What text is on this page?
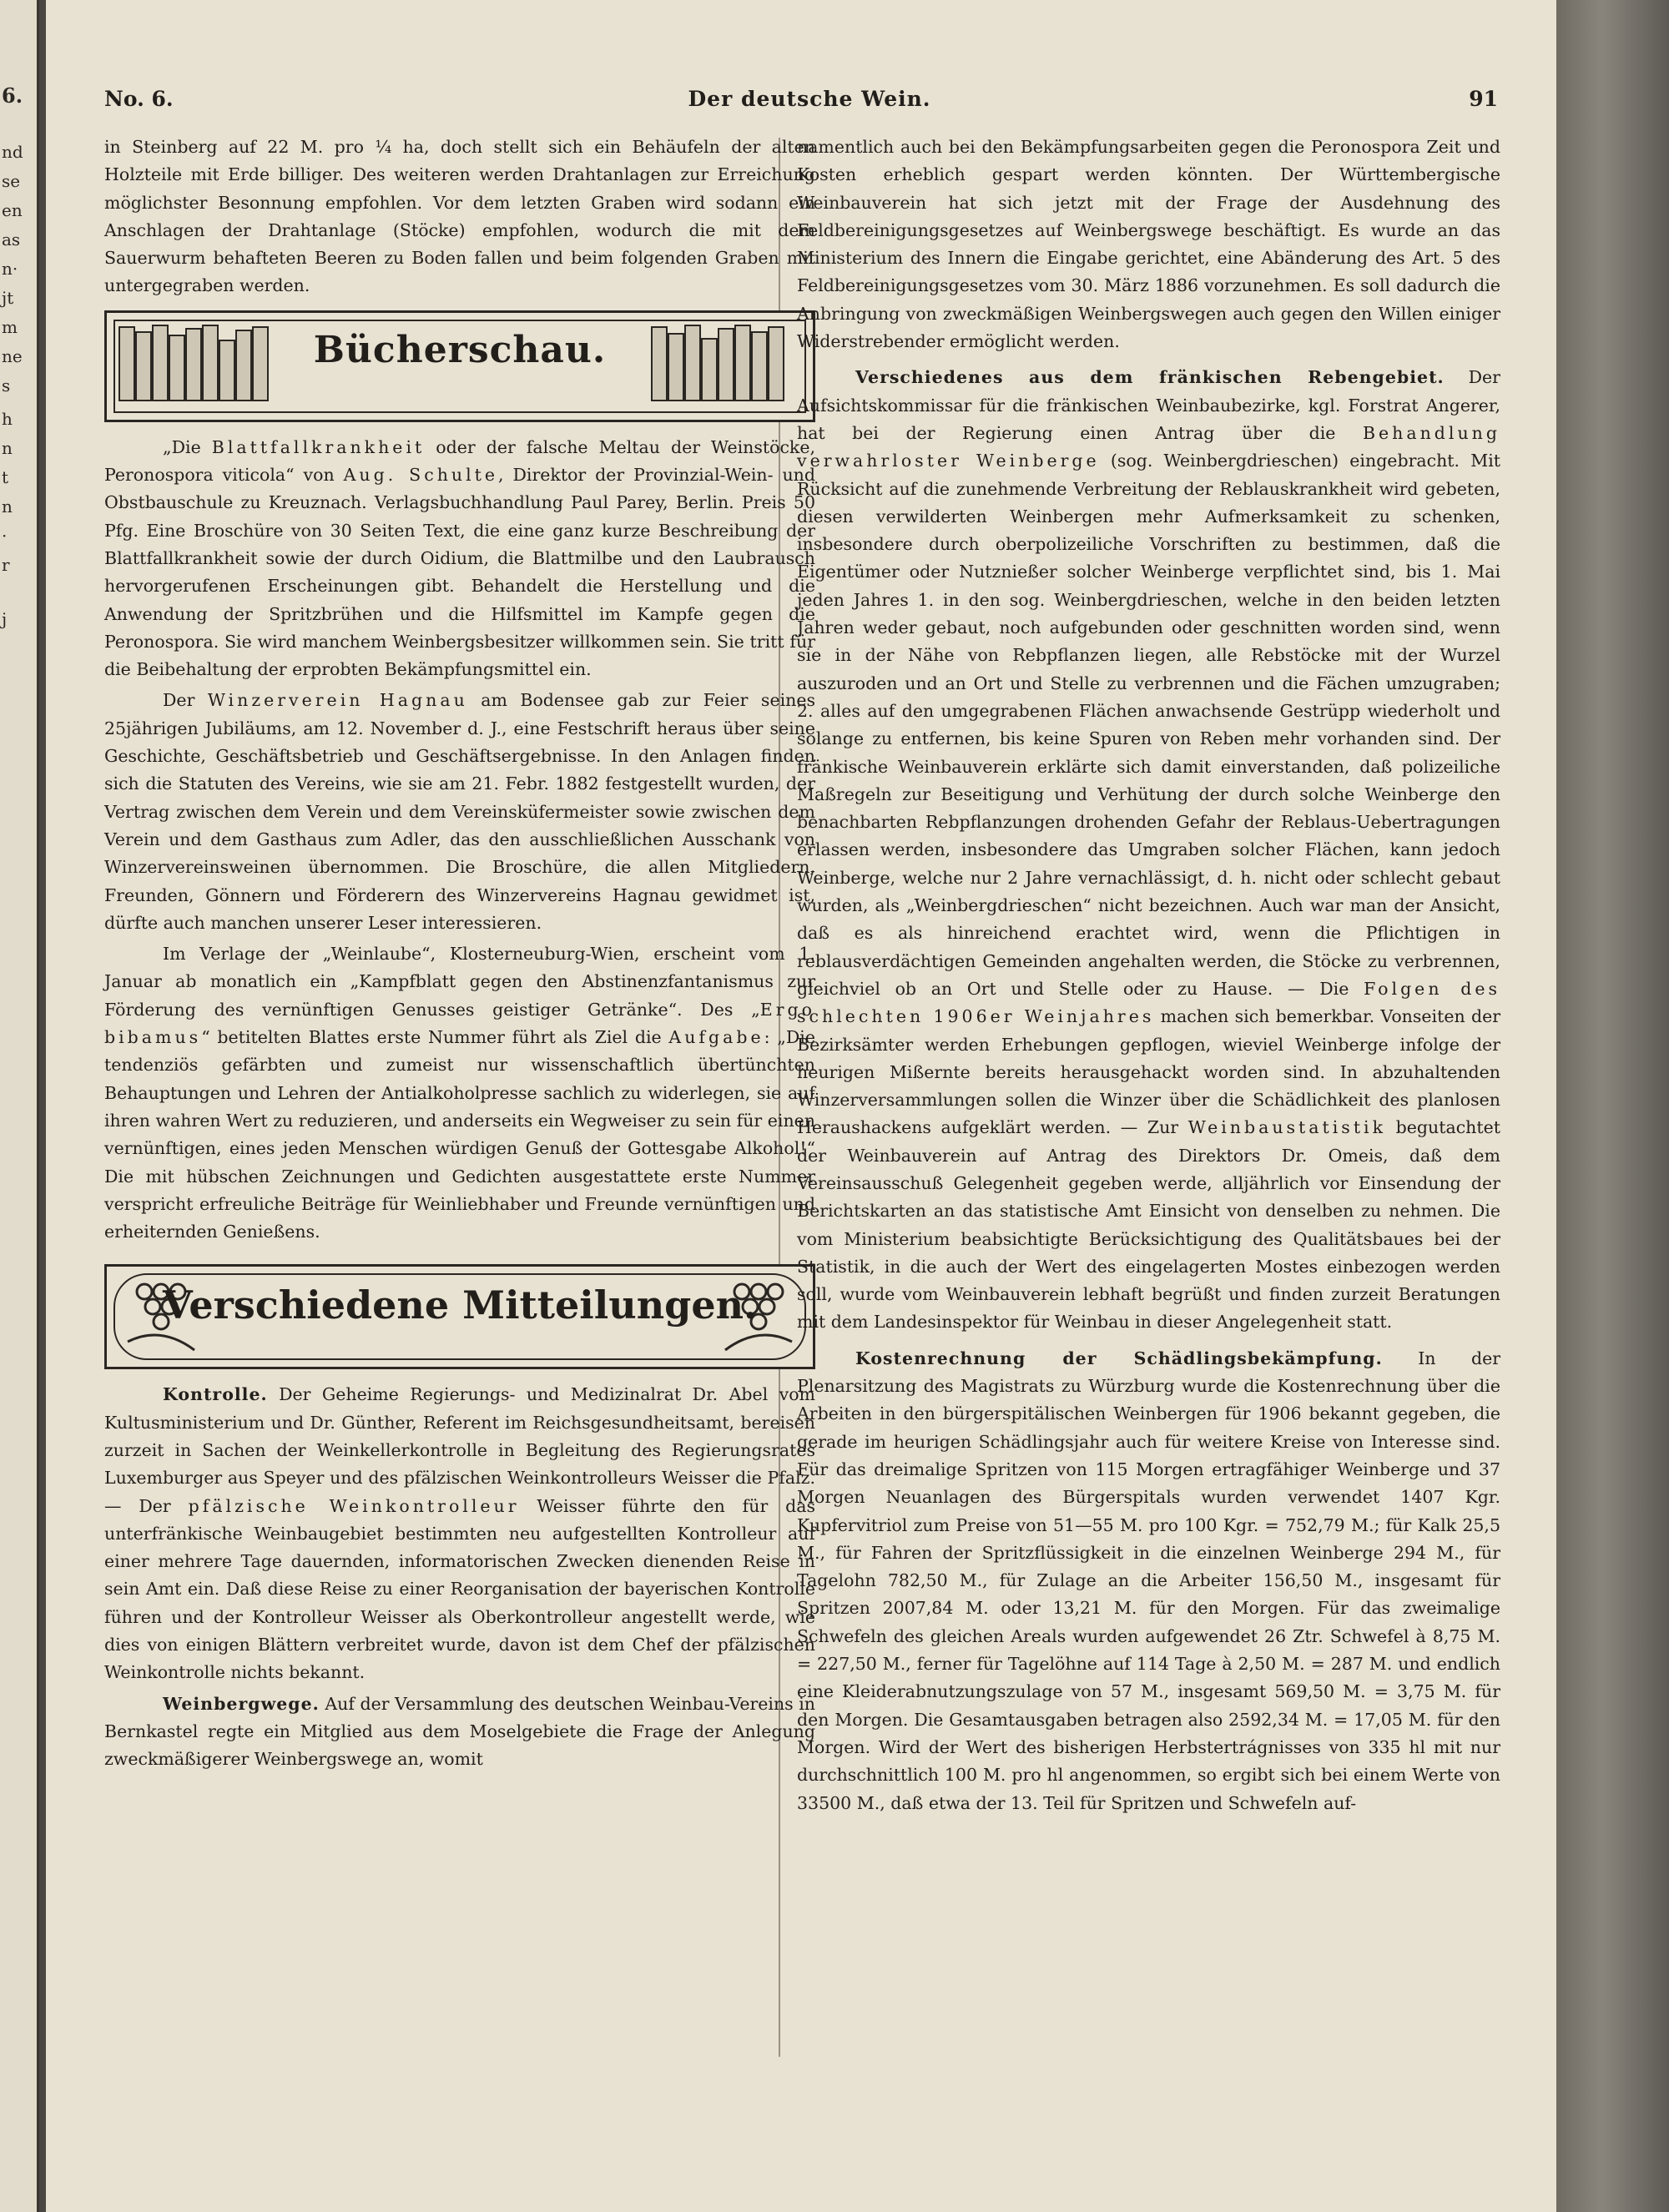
6.
nd
se
en
as
n·
jt
m
ne
s
h
n
t
n
·
r
j
No. 6.	Der deutsche Wein.	91

in Steinberg auf 22 M. pro ¼ ha, doch stellt sich ein Behäufeln der alten Holzteile mit Erde billiger. Des weiteren werden Drahtanlagen zur Erreichung möglichster Besonnung empfohlen. Vor dem letzten Graben wird sodann ein Anschlagen der Drahtanlage (Stöcke) empfohlen, wodurch die mit dem Sauerwurm behafteten Beeren zu Boden fallen und beim folgenden Graben mit untergegraben werden.

Bücherschau.

„Die Blattfallkrankheit oder der falsche Meltau der Weinstöcke, Peronospora viticola“ von Aug. Schulte, Direktor der Provinzial-Wein- und Obstbauschule zu Kreuznach. Verlagsbuchhandlung Paul Parey, Berlin. Preis 50 Pfg. Eine Broschüre von 30 Seiten Text, die eine ganz kurze Beschreibung der Blattfallkrankheit sowie der durch Oidium, die Blattmilbe und den Laubrausch hervorgerufenen Erscheinungen gibt. Behandelt die Herstellung und die Anwendung der Spritzbrühen und die Hilfsmittel im Kampfe gegen die Peronospora. Sie wird manchem Weinbergsbesitzer willkommen sein. Sie tritt für die Beibehaltung der erprobten Bekämpfungsmittel ein.

Der Winzerverein Hagnau am Bodensee gab zur Feier seines 25jährigen Jubiläums, am 12. November d. J., eine Festschrift heraus über seine Geschichte, Geschäftsbetrieb und Geschäftsergebnisse. In den Anlagen finden sich die Statuten des Vereins, wie sie am 21. Febr. 1882 festgestellt wurden, der Vertrag zwischen dem Verein und dem Vereinsküfermeister sowie zwischen dem Verein und dem Gasthaus zum Adler, das den ausschließlichen Ausschank von Winzervereinsweinen übernommen. Die Broschüre, die allen Mitgliedern, Freunden, Gönnern und Förderern des Winzervereins Hagnau gewidmet ist, dürfte auch manchen unserer Leser interessieren.

Im Verlage der „Weinlaube“, Klosterneuburg-Wien, erscheint vom 1. Januar ab monatlich ein „Kampfblatt gegen den Abstinenzfantanismus zur Förderung des vernünftigen Genusses geistiger Getränke“. Des „Ergo bibamus“ betitelten Blattes erste Nummer führt als Ziel die Aufgabe: „Die tendenziös gefärbten und zumeist nur wissenschaftlich übertünchten Behauptungen und Lehren der Antialkoholpresse sachlich zu widerlegen, sie auf ihren wahren Wert zu reduzieren, und anderseits ein Wegweiser zu sein für einen vernünftigen, eines jeden Menschen würdigen Genuß der Gottesgabe Alkohol!“ Die mit hübschen Zeichnungen und Gedichten ausgestattete erste Nummer verspricht erfreuliche Beiträge für Weinliebhaber und Freunde vernünftigen und erheiternden Genießens.

Verschiedene Mitteilungen.

Kontrolle. Der Geheime Regierungs- und Medizinalrat Dr. Abel vom Kultusministerium und Dr. Günther, Referent im Reichsgesundheitsamt, bereisen zurzeit in Sachen der Weinkellerkontrolle in Begleitung des Regierungsrates Luxemburger aus Speyer und des pfälzischen Weinkontrolleurs Weisser die Pfalz. — Der pfälzische Weinkontrolleur Weisser führte den für das unterfränkische Weinbaugebiet bestimmten neu aufgestellten Kontrolleur auf einer mehrere Tage dauernden, informatorischen Zwecken dienenden Reise in sein Amt ein. Daß diese Reise zu einer Reorganisation der bayerischen Kontrolle führen und der Kontrolleur Weisser als Oberkontrolleur angestellt werde, wie dies von einigen Blättern verbreitet wurde, davon ist dem Chef der pfälzischen Weinkontrolle nichts bekannt.

Weinbergwege. Auf der Versammlung des deutschen Weinbau-Vereins in Bernkastel regte ein Mitglied aus dem Moselgebiete die Frage der Anlegung zweckmäßigerer Weinbergswege an, womit

namentlich auch bei den Bekämpfungsarbeiten gegen die Peronospora Zeit und Kosten erheblich gespart werden könnten. Der Württembergische Weinbauverein hat sich jetzt mit der Frage der Ausdehnung des Feldbereinigungsgesetzes auf Weinbergswege beschäftigt. Es wurde an das Ministerium des Innern die Eingabe gerichtet, eine Abänderung des Art. 5 des Feldbereinigungsgesetzes vom 30. März 1886 vorzunehmen. Es soll dadurch die Anbringung von zweckmäßigen Weinbergswegen auch gegen den Willen einiger Widerstrebender ermöglicht werden.

Verschiedenes aus dem fränkischen Rebengebiet. Der Aufsichtskommissar für die fränkischen Weinbaubezirke, kgl. Forstrat Angerer, hat bei der Regierung einen Antrag über die Behandlung verwahrloster Weinberge (sog. Weinbergdrieschen) eingebracht. Mit Rücksicht auf die zunehmende Verbreitung der Reblauskrankheit wird gebeten, diesen verwilderten Weinbergen mehr Aufmerksamkeit zu schenken, insbesondere durch oberpolizeiliche Vorschriften zu bestimmen, daß die Eigentümer oder Nutznießer solcher Weinberge verpflichtet sind, bis 1. Mai jeden Jahres 1. in den sog. Weinbergdrieschen, welche in den beiden letzten Jahren weder gebaut, noch aufgebunden oder geschnitten worden sind, wenn sie in der Nähe von Rebpflanzen liegen, alle Rebstöcke mit der Wurzel auszuroden und an Ort und Stelle zu verbrennen und die Fächen umzugraben; 2. alles auf den umgegrabenen Flächen anwachsende Gestrüpp wiederholt und solange zu entfernen, bis keine Spuren von Reben mehr vorhanden sind. Der fränkische Weinbauverein erklärte sich damit einverstanden, daß polizeiliche Maßregeln zur Beseitigung und Verhütung der durch solche Weinberge den benachbarten Rebpflanzungen drohenden Gefahr der Reblaus-Uebertragungen erlassen werden, insbesondere das Umgraben solcher Flächen, kann jedoch Weinberge, welche nur 2 Jahre vernachlässigt, d. h. nicht oder schlecht gebaut wurden, als „Weinbergdrieschen“ nicht bezeichnen. Auch war man der Ansicht, daß es als hinreichend erachtet wird, wenn die Pflichtigen in reblausverdächtigen Gemeinden angehalten werden, die Stöcke zu verbrennen, gleichviel ob an Ort und Stelle oder zu Hause. — Die Folgen des schlechten 1906er Weinjahres machen sich bemerkbar. Vonseiten der Bezirksämter werden Erhebungen gepflogen, wieviel Weinberge infolge der heurigen Mißernte bereits herausgehackt worden sind. In abzuhaltenden Winzerversammlungen sollen die Winzer über die Schädlichkeit des planlosen Heraushackens aufgeklärt werden. — Zur Weinbaustatistik begutachtet der Weinbauverein auf Antrag des Direktors Dr. Omeis, daß dem Vereinsausschuß Gelegenheit gegeben werde, alljährlich vor Einsendung der Berichtskarten an das statistische Amt Einsicht von denselben zu nehmen. Die vom Ministerium beabsichtigte Berücksichtigung des Qualitätsbaues bei der Statistik, in die auch der Wert des eingelagerten Mostes einbezogen werden soll, wurde vom Weinbauverein lebhaft begrüßt und finden zurzeit Beratungen mit dem Landesinspektor für Weinbau in dieser Angelegenheit statt.

Kostenrechnung der Schädlingsbekämpfung. In der Plenarsitzung des Magistrats zu Würzburg wurde die Kostenrechnung über die Arbeiten in den bürgerspitälischen Weinbergen für 1906 bekannt gegeben, die gerade im heurigen Schädlingsjahr auch für weitere Kreise von Interesse sind. Für das dreimalige Spritzen von 115 Morgen ertragfähiger Weinberge und 37 Morgen Neuanlagen des Bürgerspitals wurden verwendet 1407 Kgr. Kupfervitriol zum Preise von 51—55 M. pro 100 Kgr. = 752,79 M.; für Kalk 25,5 M., für Fahren der Spritzflüssigkeit in die einzelnen Weinberge 294 M., für Tagelohn 782,50 M., für Zulage an die Arbeiter 156,50 M., insgesamt für Spritzen 2007,84 M. oder 13,21 M. für den Morgen. Für das zweimalige Schwefeln des gleichen Areals wurden aufgewendet 26 Ztr. Schwefel à 8,75 M. = 227,50 M., ferner für Tagelöhne auf 114 Tage à 2,50 M. = 287 M. und endlich eine Kleiderabnutzungszulage von 57 M., insgesamt 569,50 M. = 3,75 M. für den Morgen. Die Gesamtausgaben betragen also 2592,34 M. = 17,05 M. für den Morgen. Wird der Wert des bisherigen Herbstertrágnisses von 335 hl mit nur durchschnittlich 100 M. pro hl angenommen, so ergibt sich bei einem Werte von 33500 M., daß etwa der 13. Teil für Spritzen und Schwefeln auf-
